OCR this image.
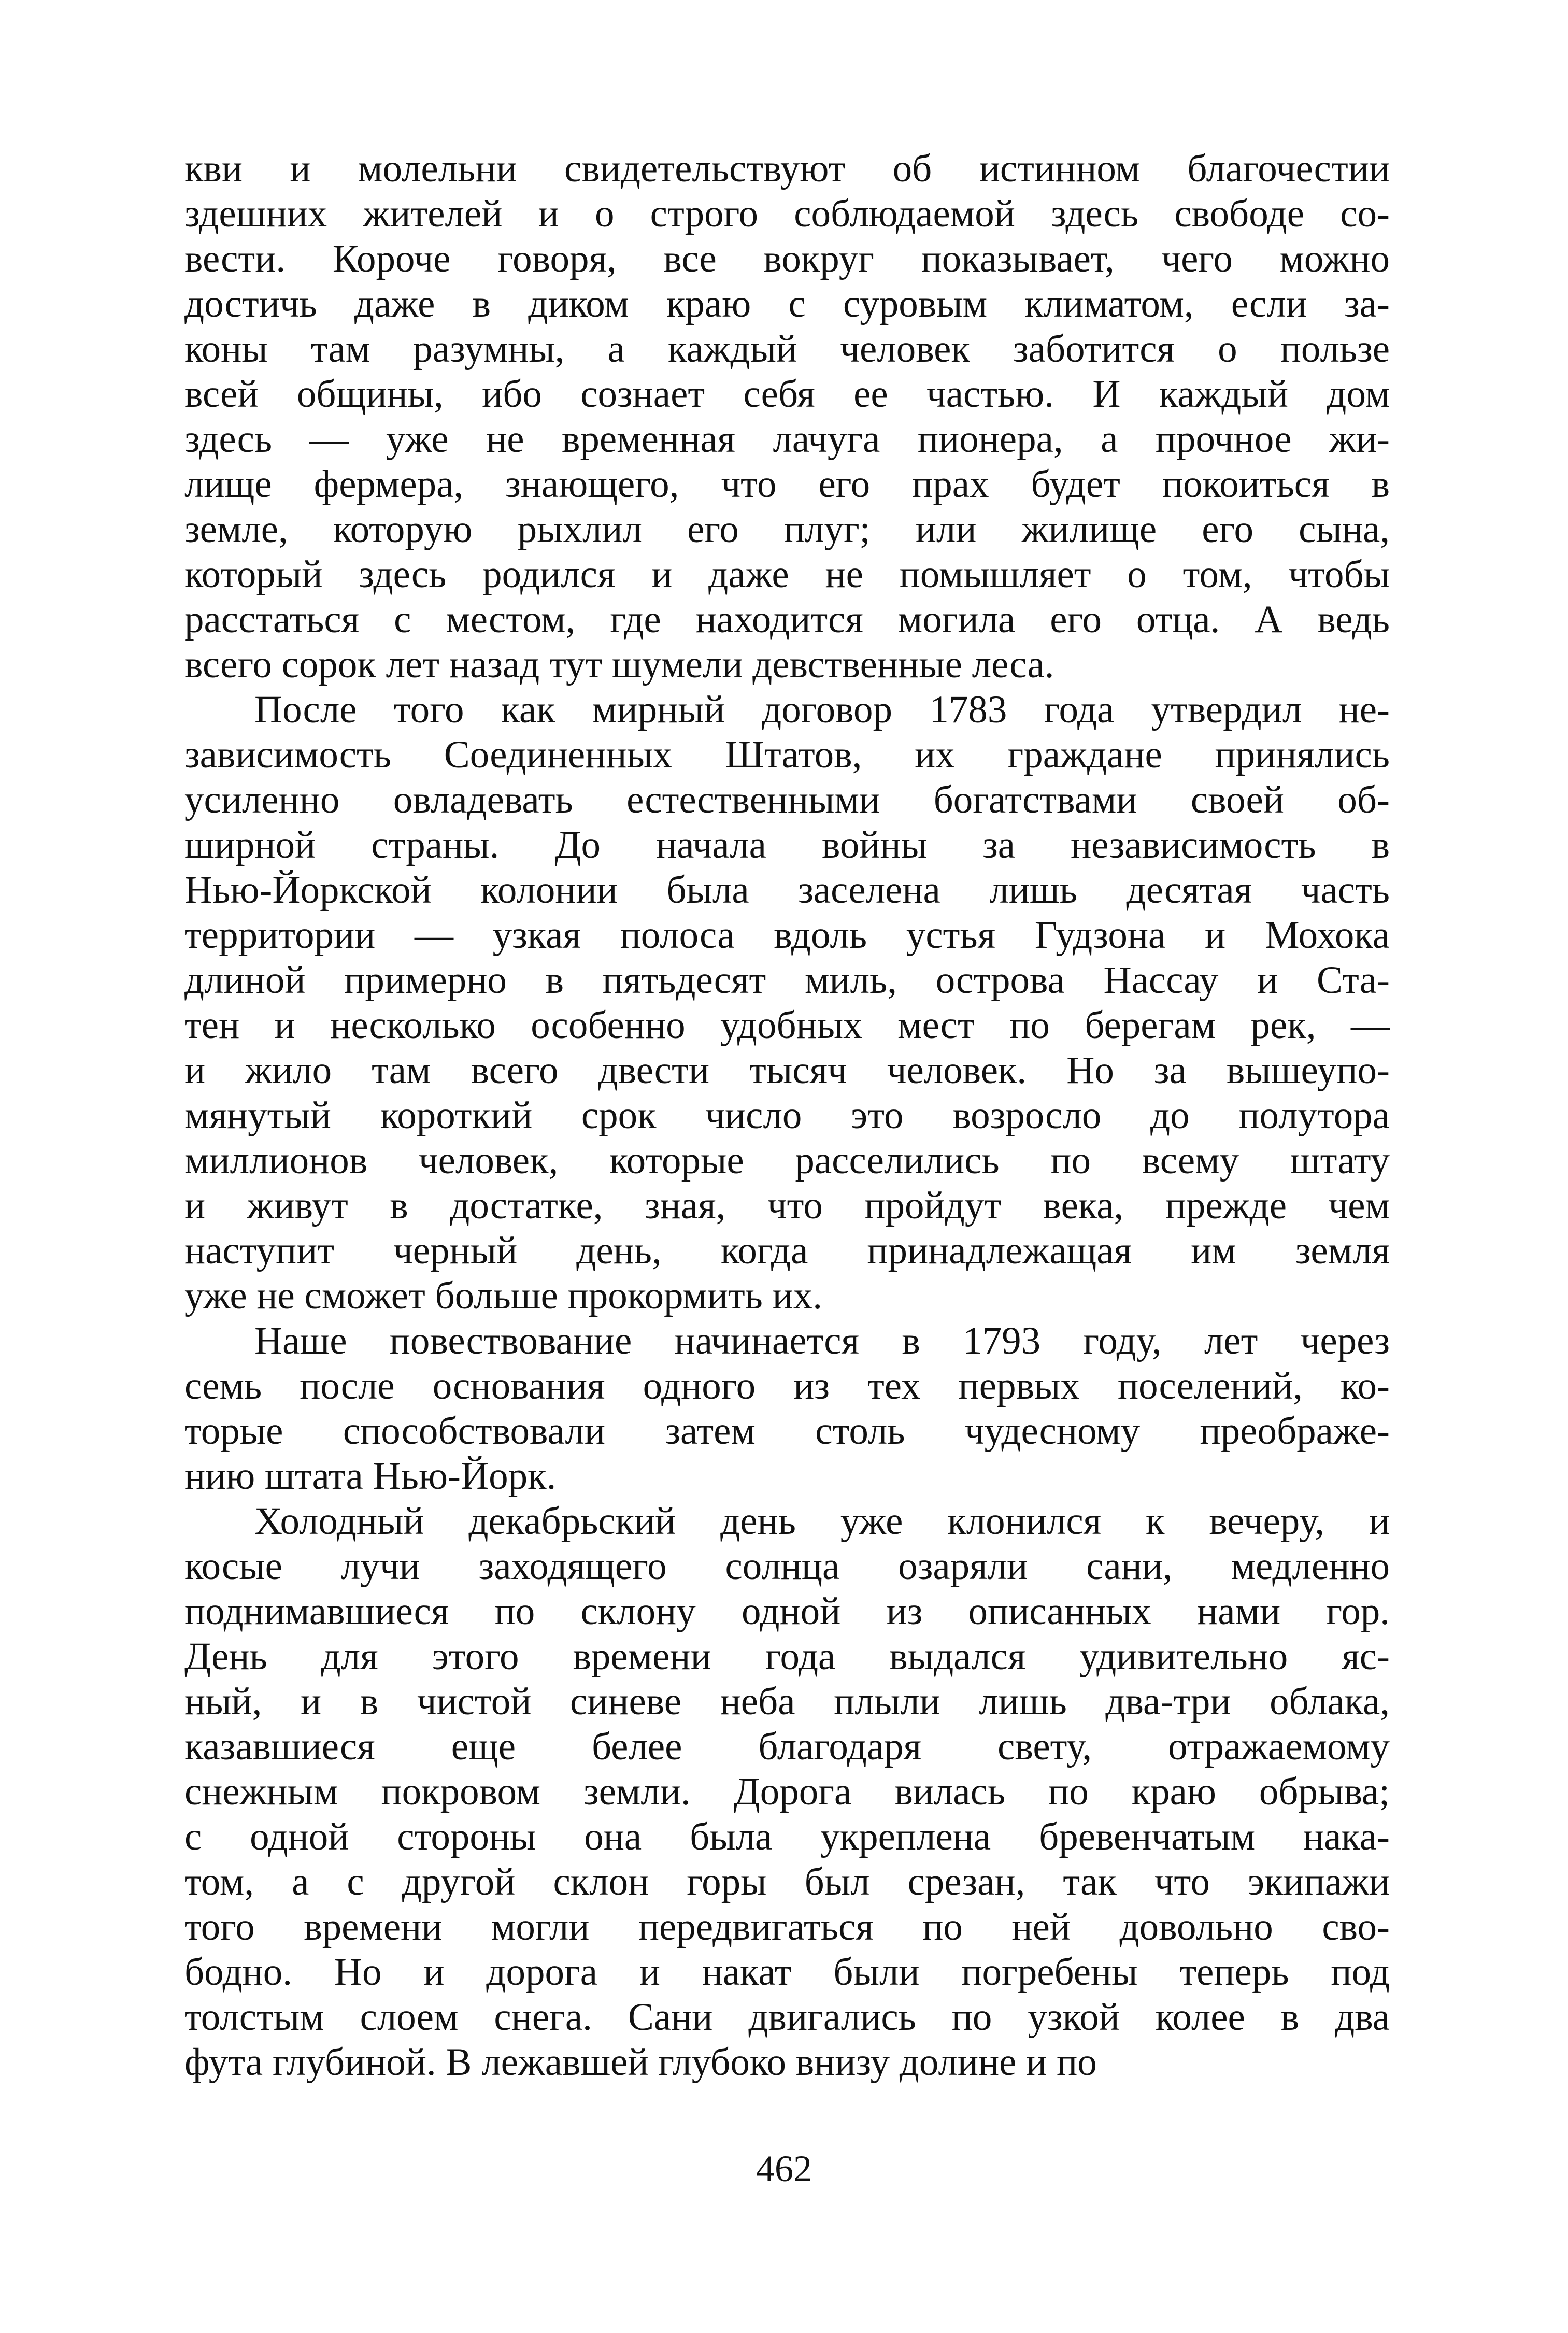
кви и молельни свидетельствуют об истинном благочестии
здешних жителей и о строго соблюдаемой здесь свободе со-
вести. Короче говоря, все вокруг показывает, чего можно
достичь даже в диком краю с суровым климатом, если за-
коны там разумны, а каждый человек заботится о пользе
всей общины, ибо сознает себя ее частью. И каждый дом
здесь — уже не временная лачуга пионера, а прочное жи-
лище фермера, знающего, что его прах будет покоиться в
земле, которую рыхлил его плуг; или жилище его сына,
который здесь родился и даже не помышляет о том, чтобы
расстаться с местом, где находится могила его отца. А ведь
всего сорок лет назад тут шумели девственные леса.
После того как мирный договор 1783 года утвердил не-
зависимость Соединенных Штатов, их граждане принялись
усиленно овладевать естественными богатствами своей об-
ширной страны. До начала войны за независимость в
Нью-Йоркской колонии была заселена лишь десятая часть
территории — узкая полоса вдоль устья Гудзона и Мохока
длиной примерно в пятьдесят миль, острова Нассау и Ста-
тен и несколько особенно удобных мест по берегам рек, —
и жило там всего двести тысяч человек. Но за вышеупо-
мянутый короткий срок число это возросло до полутора
миллионов человек, которые расселились по всему штату
и живут в достатке, зная, что пройдут века, прежде чем
наступит черный день, когда принадлежащая им земля
уже не сможет больше прокормить их.
Наше повествование начинается в 1793 году, лет через
семь после основания одного из тех первых поселений, ко-
торые способствовали затем столь чудесному преображе-
нию штата Нью-Йорк.
Холодный декабрьский день уже клонился к вечеру, и
косые лучи заходящего солнца озаряли сани, медленно
поднимавшиеся по склону одной из описанных нами гор.
День для этого времени года выдался удивительно яс-
ный, и в чистой синеве неба плыли лишь два-три облака,
казавшиеся еще белее благодаря свету, отражаемому
снежным покровом земли. Дорога вилась по краю обрыва;
с одной стороны она была укреплена бревенчатым нака-
том, а с другой склон горы был срезан, так что экипажи
того времени могли передвигаться по ней довольно сво-
бодно. Но и дорога и накат были погребены теперь под
толстым слоем снега. Сани двигались по узкой колее в два
фута глубиной. В лежавшей глубоко внизу долине и по
462
